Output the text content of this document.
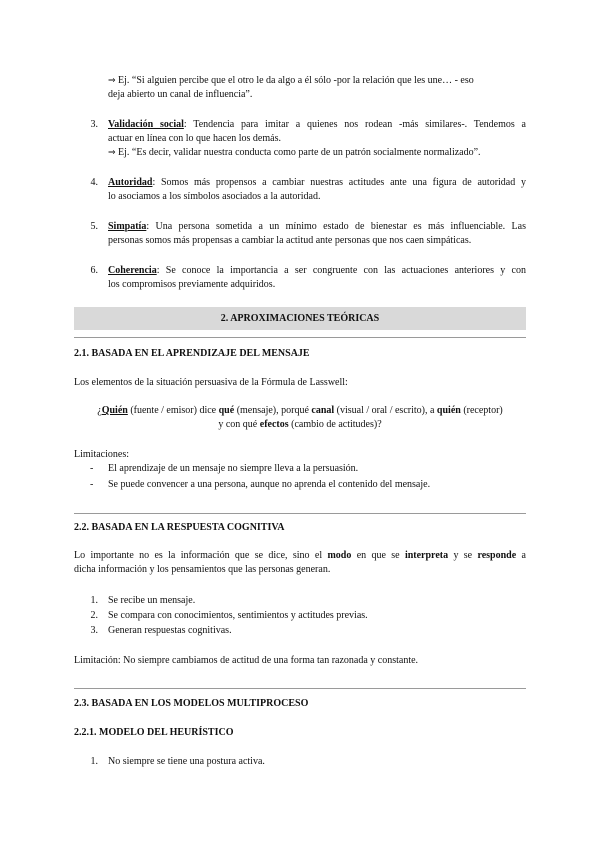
⇒ Ej. “Si alguien percibe que el otro le da algo a él sólo -por la relación que les une… - eso
deja abierto un canal de influencia”.
3. Validación social: Tendencia para imitar a quienes nos rodean -más similares-. Tendemos a
actuar en línea con lo que hacen los demás.
⇒ Ej. “Es decir, validar nuestra conducta como parte de un patrón socialmente normalizado”.
4. Autoridad: Somos más propensos a cambiar nuestras actitudes ante una figura de autoridad y
lo asociamos a los símbolos asociados a la autoridad.
5. Simpatía: Una persona sometida a un mínimo estado de bienestar es más influenciable. Las
personas somos más propensas a cambiar la actitud ante personas que nos caen simpáticas.
6. Coherencia: Se conoce la importancia a ser congruente con las actuaciones anteriores y con
los compromisos previamente adquiridos.
2. APROXIMACIONES TEÓRICAS
2.1. BASADA EN EL APRENDIZAJE DEL MENSAJE
Los elementos de la situación persuasiva de la Fórmula de Lasswell:
¿Quién (fuente / emisor) dice qué (mensaje), porqué canal (visual / oral / escrito), a quién (receptor)
y con qué efectos (cambio de actitudes)?
Limitaciones:
- El aprendizaje de un mensaje no siempre lleva a la persuasión.
- Se puede convencer a una persona, aunque no aprenda el contenido del mensaje.
2.2. BASADA EN LA RESPUESTA COGNITIVA
Lo importante no es la información que se dice, sino el modo en que se interpreta y se responde a
dicha información y los pensamientos que las personas generan.
1. Se recibe un mensaje.
2. Se compara con conocimientos, sentimientos y actitudes previas.
3. Generan respuestas cognitivas.
Limitación: No siempre cambiamos de actitud de una forma tan razonada y constante.
2.3. BASADA EN LOS MODELOS MULTIPROCESO
2.2.1. MODELO DEL HEURÍSTICO
1. No siempre se tiene una postura activa.
